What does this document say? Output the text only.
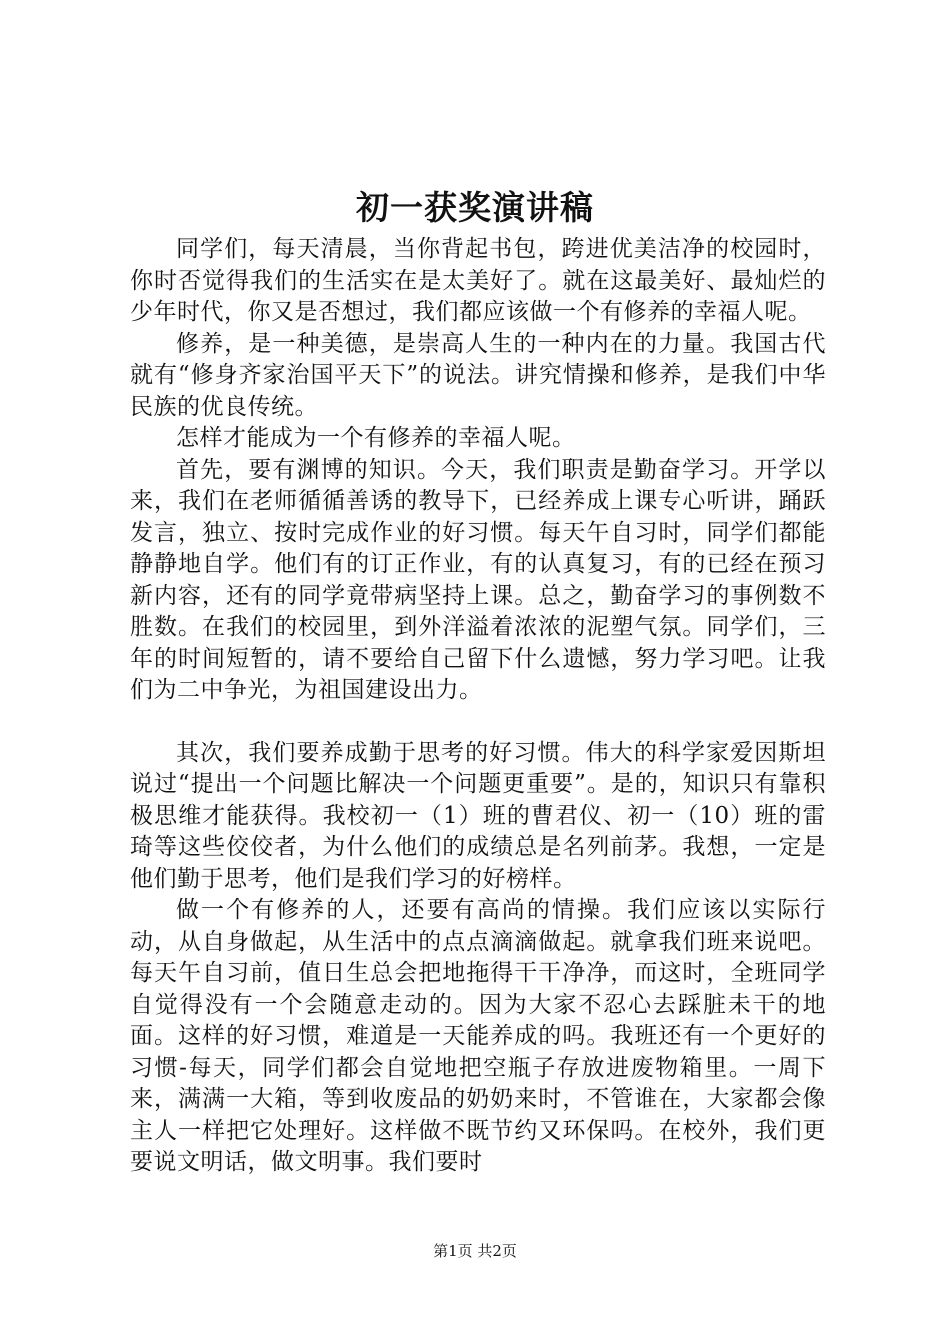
初一获奖演讲稿

同学们，每天清晨，当你背起书包，跨进优美洁净的校园时，你时否觉得我们的生活实在是太美好了。就在这最美好、最灿烂的少年时代，你又是否想过，我们都应该做一个有修养的幸福人呢。

修养，是一种美德，是崇高人生的一种内在的力量。我国古代就有“修身齐家治国平天下”的说法。讲究情操和修养，是我们中华民族的优良传统。

怎样才能成为一个有修养的幸福人呢。

首先，要有渊博的知识。今天，我们职责是勤奋学习。开学以来，我们在老师循循善诱的教导下，已经养成上课专心听讲，踊跃发言，独立、按时完成作业的好习惯。每天午自习时，同学们都能静静地自学。他们有的订正作业，有的认真复习，有的已经在预习新内容，还有的同学竟带病坚持上课。总之，勤奋学习的事例数不胜数。在我们的校园里，到外洋溢着浓浓的泥塑气氛。同学们，三年的时间短暂的，请不要给自己留下什么遗憾，努力学习吧。让我们为二中争光，为祖国建设出力。

其次，我们要养成勤于思考的好习惯。伟大的科学家爱因斯坦说过“提出一个问题比解决一个问题更重要”。是的，知识只有靠积极思维才能获得。我校初一（1）班的曹君仪、初一（10）班的雷琦等这些佼佼者，为什么他们的成绩总是名列前茅。我想，一定是他们勤于思考，他们是我们学习的好榜样。

做一个有修养的人，还要有高尚的情操。我们应该以实际行动，从自身做起，从生活中的点点滴滴做起。就拿我们班来说吧。每天午自习前，值日生总会把地拖得干干净净，而这时，全班同学自觉得没有一个会随意走动的。因为大家不忍心去踩脏未干的地面。这样的好习惯，难道是一天能养成的吗。我班还有一个更好的习惯-每天，同学们都会自觉地把空瓶子存放进废物箱里。一周下来，满满一大箱，等到收废品的奶奶来时，不管谁在，大家都会像主人一样把它处理好。这样做不既节约又环保吗。在校外，我们更要说文明话，做文明事。我们要时

第1页 共2页
